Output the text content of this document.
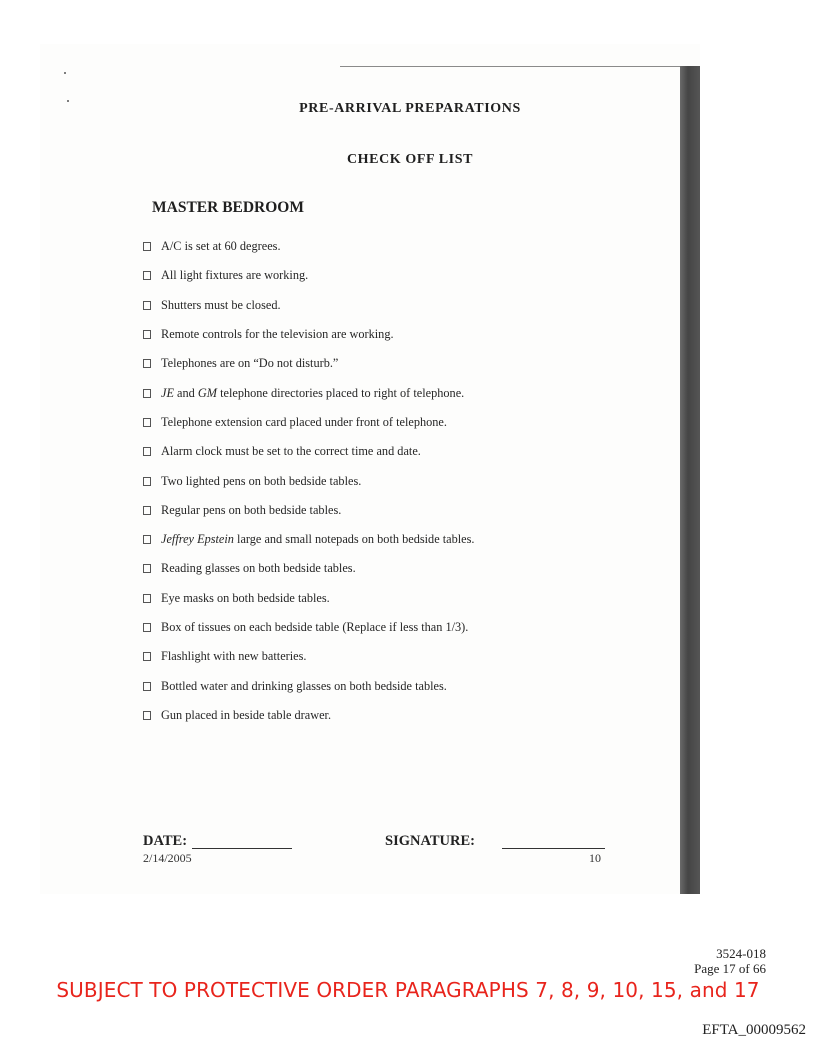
PRE-ARRIVAL PREPARATIONS
CHECK OFF LIST
MASTER BEDROOM
A/C is set at 60 degrees.
All light fixtures are working.
Shutters must be closed.
Remote controls for the television are working.
Telephones are on “Do not disturb.”
JE and GM telephone directories placed to right of telephone.
Telephone extension card placed under front of telephone.
Alarm clock must be set to the correct time and date.
Two lighted pens on both bedside tables.
Regular pens on both bedside tables.
Jeffrey Epstein large and small notepads on both bedside tables.
Reading glasses on both bedside tables.
Eye masks on both bedside tables.
Box of tissues on each bedside table (Replace if less than 1/3).
Flashlight with new batteries.
Bottled water and drinking glasses on both bedside tables.
Gun placed in beside table drawer.
DATE:	SIGNATURE:
2/14/2005	10
3524-018
Page 17 of 66
SUBJECT TO PROTECTIVE ORDER PARAGRAPHS 7, 8, 9, 10, 15, and 17
EFTA_00009562
